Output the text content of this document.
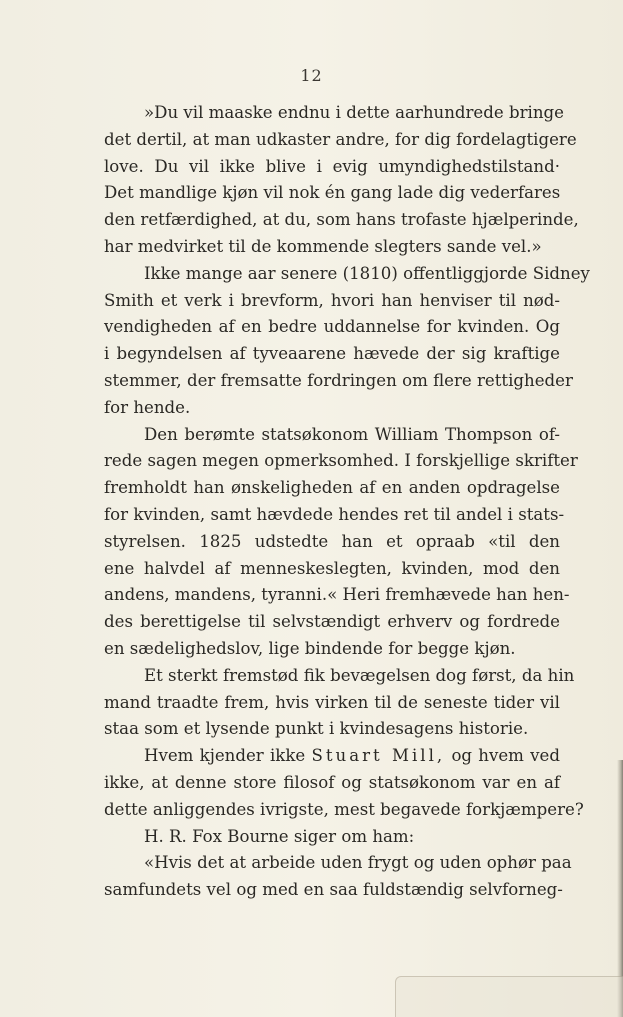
12
»Du vil maaske endnu i dette aarhundrede bringe
det dertil, at man udkaster andre, for dig fordelagtigere
love. Du vil ikke blive i evig umyndighedstilstand·
Det mandlige kjøn vil nok én gang lade dig vederfares
den retfærdighed, at du, som hans trofaste hjælperinde,
har medvirket til de kommende slegters sande vel.»
Ikke mange aar senere (1810) offentliggjorde Sidney
Smith et verk i brevform, hvori han henviser til nød-
vendigheden af en bedre uddannelse for kvinden. Og
i begyndelsen af tyveaarene hævede der sig kraftige
stemmer, der fremsatte fordringen om flere rettigheder
for hende.
Den berømte statsøkonom William Thompson of-
rede sagen megen opmerksomhed. I forskjellige skrifter
fremholdt han ønskeligheden af en anden opdragelse
for kvinden, samt hævdede hendes ret til andel i stats-
styrelsen. 1825 udstedte han et opraab «til den
ene halvdel af menneskeslegten, kvinden, mod den
andens, mandens, tyranni.« Heri fremhævede han hen-
des berettigelse til selvstændigt erhverv og fordrede
en sædelighedslov, lige bindende for begge kjøn.
Et sterkt fremstød fik bevægelsen dog først, da hin
mand traadte frem, hvis virken til de seneste tider vil
staa som et lysende punkt i kvindesagens historie.
Hvem kjender ikke Stuart Mill, og hvem ved
ikke, at denne store filosof og statsøkonom var en af
dette anliggendes ivrigste, mest begavede forkjæmpere?
H. R. Fox Bourne siger om ham:
«Hvis det at arbeide uden frygt og uden ophør paa
samfundets vel og med en saa fuldstændig selvforneg-
